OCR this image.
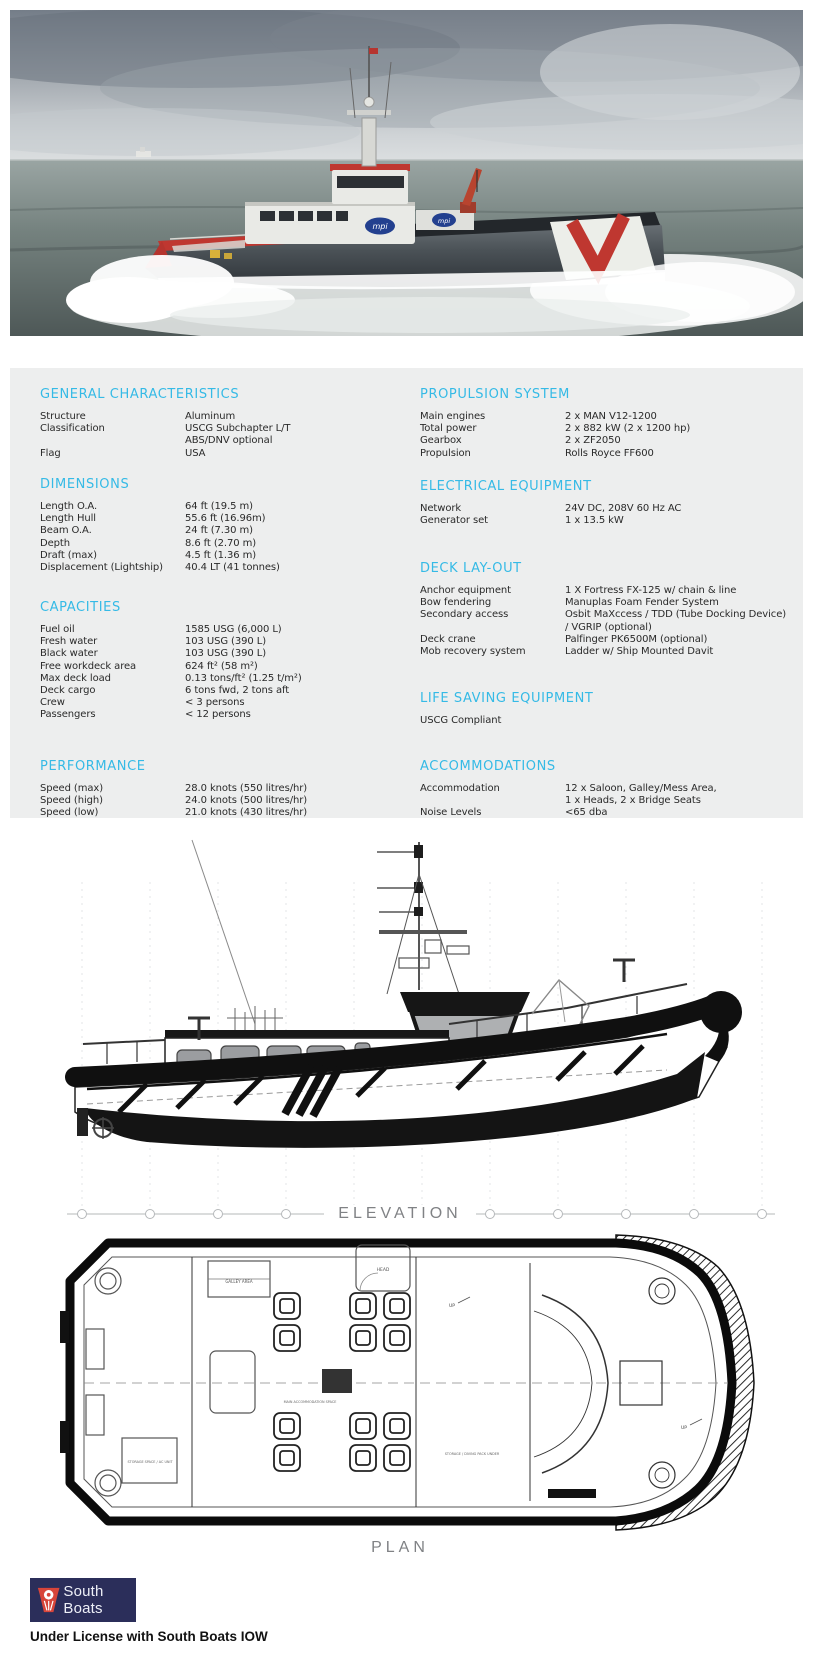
mpi
mpi
GENERAL CHARACTERISTICS
Structure	Aluminum
Classification	USCG Subchapter L/T
ABS/DNV optional
Flag	USA
DIMENSIONS
Length O.A.	64 ft (19.5 m)
Length Hull	55.6 ft (16.96m)
Beam O.A.	24 ft (7.30 m)
Depth	8.6 ft (2.70 m)
Draft (max)	4.5 ft (1.36 m)
Displacement (Lightship)	40.4 LT (41 tonnes)
CAPACITIES
Fuel oil	1585 USG (6,000 L)
Fresh water	103 USG (390 L)
Black water	103 USG (390 L)
Free workdeck area	624 ft² (58 m²)
Max deck load	0.13 tons/ft² (1.25 t/m²)
Deck cargo	6 tons fwd, 2 tons aft
Crew	< 3 persons
Passengers	< 12 persons
PERFORMANCE
Speed (max)	28.0 knots (550 litres/hr)
Speed (high)	24.0 knots (500 litres/hr)
Speed (low)	21.0 knots (430 litres/hr)
PROPULSION SYSTEM
Main engines	2 x MAN V12-1200
Total power	2 x 882 kW (2 x 1200 hp)
Gearbox	2 x ZF2050
Propulsion	Rolls Royce FF600
ELECTRICAL EQUIPMENT
Network	24V DC, 208V 60 Hz AC
Generator set	1 x 13.5 kW
DECK LAY-OUT
Anchor equipment	1 X Fortress FX-125 w/ chain & line
Bow fendering	Manuplas Foam Fender System
Secondary access	Osbit MaXccess / TDD (Tube Docking Device)
/ VGRIP (optional)
Deck crane	Palfinger PK6500M (optional)
Mob recovery system	Ladder w/ Ship Mounted Davit
LIFE SAVING EQUIPMENT
USCG Compliant
ACCOMMODATIONS
Accommodation	12 x Saloon, Galley/Mess Area,
1 x Heads, 2 x Bridge Seats
Noise Levels	<65 dba
ELEVATION
GALLEY AREA
HEAD
MAIN ACCOMMODATION SPACE
STORAGE SPACE / AC UNIT
STORAGE / DIVING PACK UNDER
UP
UP
PLAN
South Boats
Under License with South Boats IOW
